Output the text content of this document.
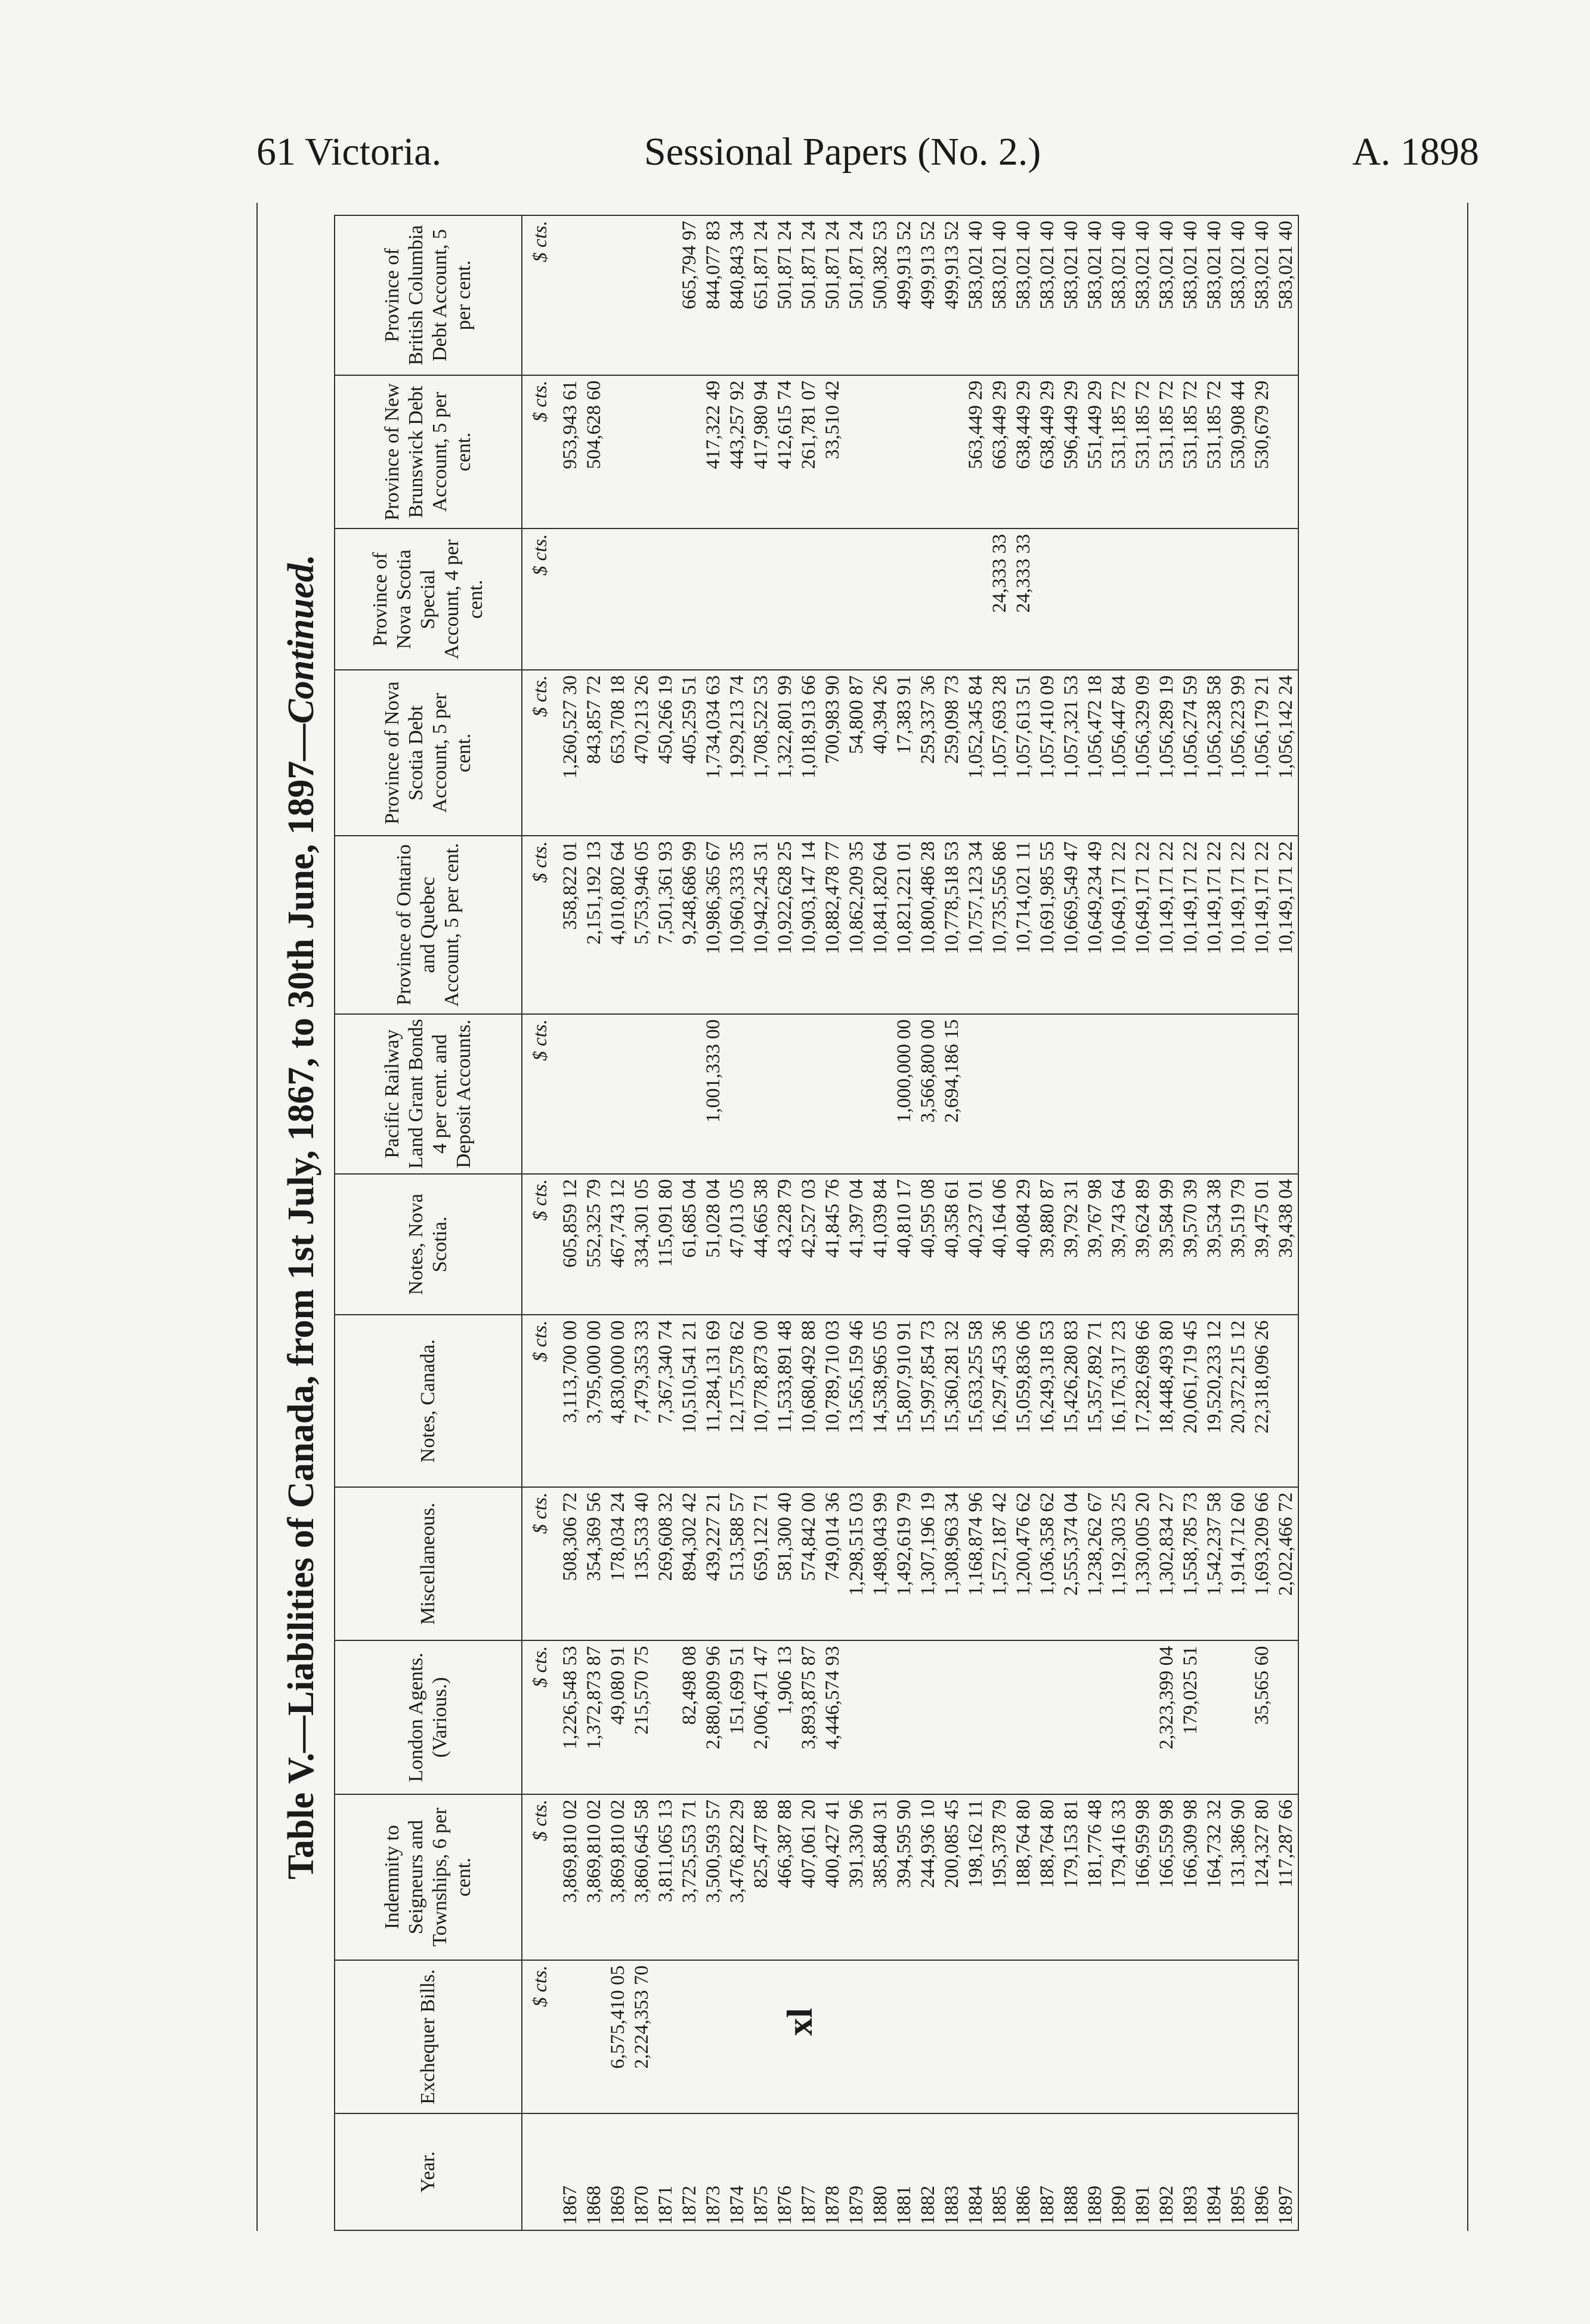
61 Victoria.	Sessional Papers (No. 2.)	A. 1898
Table V.—Liabilities of Canada, from 1st July, 1867, to 30th June, 1897—Continued.
Year.	Exchequer Bills.	Indemnity to Seigneurs and Townships, 6 per cent.	London Agents. (Various.)	Miscellaneous.	Notes, Canada.	Notes, Nova Scotia.	Pacific Railway Land Grant Bonds 4 per cent. and Deposit Accounts.	Province of Ontario and Quebec Account, 5 per cent.	Province of Nova Scotia Debt Account, 5 per cent.	Province of Nova Scotia Special Account, 4 per cent.	Province of New Brunswick Debt Account, 5 per cent.	Province of British Columbia Debt Account, 5 per cent.
	$ cts.	$ cts.	$ cts.	$ cts.	$ cts.	$ cts.	$ cts.	$ cts.	$ cts.	$ cts.	$ cts.	$ cts.
1867		3,869,810 02	1,226,548 53	508,306 72	3,113,700 00	605,859 12		358,822 01	1,260,527 30		953,943 61	
1868		3,869,810 02	1,372,873 87	354,369 56	3,795,000 00	552,325 79		2,151,192 13	843,857 72		504,628 60	
1869	6,575,410 05	3,869,810 02	49,080 91	178,034 24	4,830,000 00	467,743 12		4,010,802 64	653,708 18			
1870	2,224,353 70	3,860,645 58	215,570 75	135,533 40	7,479,353 33	334,301 05		5,753,946 05	470,213 26			
1871		3,811,065 13		269,608 32	7,367,340 74	115,091 80		7,501,361 93	450,266 19			
1872		3,725,553 71	82,498 08	894,302 42	10,510,541 21	61,685 04		9,248,686 99	405,259 51			665,794 97
1873		3,500,593 57	2,880,809 96	439,227 21	11,284,131 69	51,028 04	1,001,333 00	10,986,365 67	1,734,034 63		417,322 49	844,077 83
1874		3,476,822 29	151,699 51	513,588 57	12,175,578 62	47,013 05		10,960,333 35	1,929,213 74		443,257 92	840,843 34
1875		825,477 88	2,006,471 47	659,122 71	10,778,873 00	44,665 38		10,942,245 31	1,708,522 53		417,980 94	651,871 24
1876		466,387 88	1,906 13	581,300 40	11,533,891 48	43,228 79		10,922,628 25	1,322,801 99		412,615 74	501,871 24
1877		407,061 20	3,893,875 87	574,842 00	10,680,492 88	42,527 03		10,903,147 14	1,018,913 66		261,781 07	501,871 24
1878		400,427 41	4,446,574 93	749,014 36	10,789,710 03	41,845 76		10,882,478 77	700,983 90		33,510 42	501,871 24
1879		391,330 96		1,298,515 03	13,565,159 46	41,397 04		10,862,209 35	54,800 87			501,871 24
1880		385,840 31		1,498,043 99	14,538,965 05	41,039 84		10,841,820 64	40,394 26			500,382 53
1881		394,595 90		1,492,619 79	15,807,910 91	40,810 17	1,000,000 00	10,821,221 01	17,383 91			499,913 52
1882		244,936 10		1,307,196 19	15,997,854 73	40,595 08	3,566,800 00	10,800,486 28	259,337 36			499,913 52
1883		200,085 45		1,308,963 34	15,360,281 32	40,358 61	2,694,186 15	10,778,518 53	259,098 73			499,913 52
1884		198,162 11		1,168,874 96	15,633,255 58	40,237 01		10,757,123 34	1,052,345 84		563,449 29	583,021 40
1885		195,378 79		1,572,187 42	16,297,453 36	40,164 06		10,735,556 86	1,057,693 28	24,333 33	663,449 29	583,021 40
1886		188,764 80		1,200,476 62	15,059,836 06	40,084 29		10,714,021 11	1,057,613 51	24,333 33	638,449 29	583,021 40
1887		188,764 80		1,036,358 62	16,249,318 53	39,880 87		10,691,985 55	1,057,410 09		638,449 29	583,021 40
1888		179,153 81		2,555,374 04	15,426,280 83	39,792 31		10,669,549 47	1,057,321 53		596,449 29	583,021 40
1889		181,776 48		1,238,262 67	15,357,892 71	39,767 98		10,649,234 49	1,056,472 18		551,449 29	583,021 40
1890		179,416 33		1,192,303 25	16,176,317 23	39,743 64		10,649,171 22	1,056,447 84		531,185 72	583,021 40
1891		166,959 98		1,330,005 20	17,282,698 66	39,624 89		10,649,171 22	1,056,329 09		531,185 72	583,021 40
1892		166,559 98	2,323,399 04	1,302,834 27	18,448,493 80	39,584 99		10,149,171 22	1,056,289 19		531,185 72	583,021 40
1893		166,309 98	179,025 51	1,558,785 73	20,061,719 45	39,570 39		10,149,171 22	1,056,274 59		531,185 72	583,021 40
1894		164,732 32		1,542,237 58	19,520,233 12	39,534 38		10,149,171 22	1,056,238 58		531,185 72	583,021 40
1895		131,386 90		1,914,712 60	20,372,215 12	39,519 79		10,149,171 22	1,056,223 99		530,908 44	583,021 40
1896		124,327 80	35,565 60	1,693,209 66	22,318,096 26	39,475 01		10,149,171 22	1,056,179 21		530,679 29	583,021 40
1897		117,287 66		2,022,466 72		39,438 04		10,149,171 22	1,056,142 24			583,021 40
xl
